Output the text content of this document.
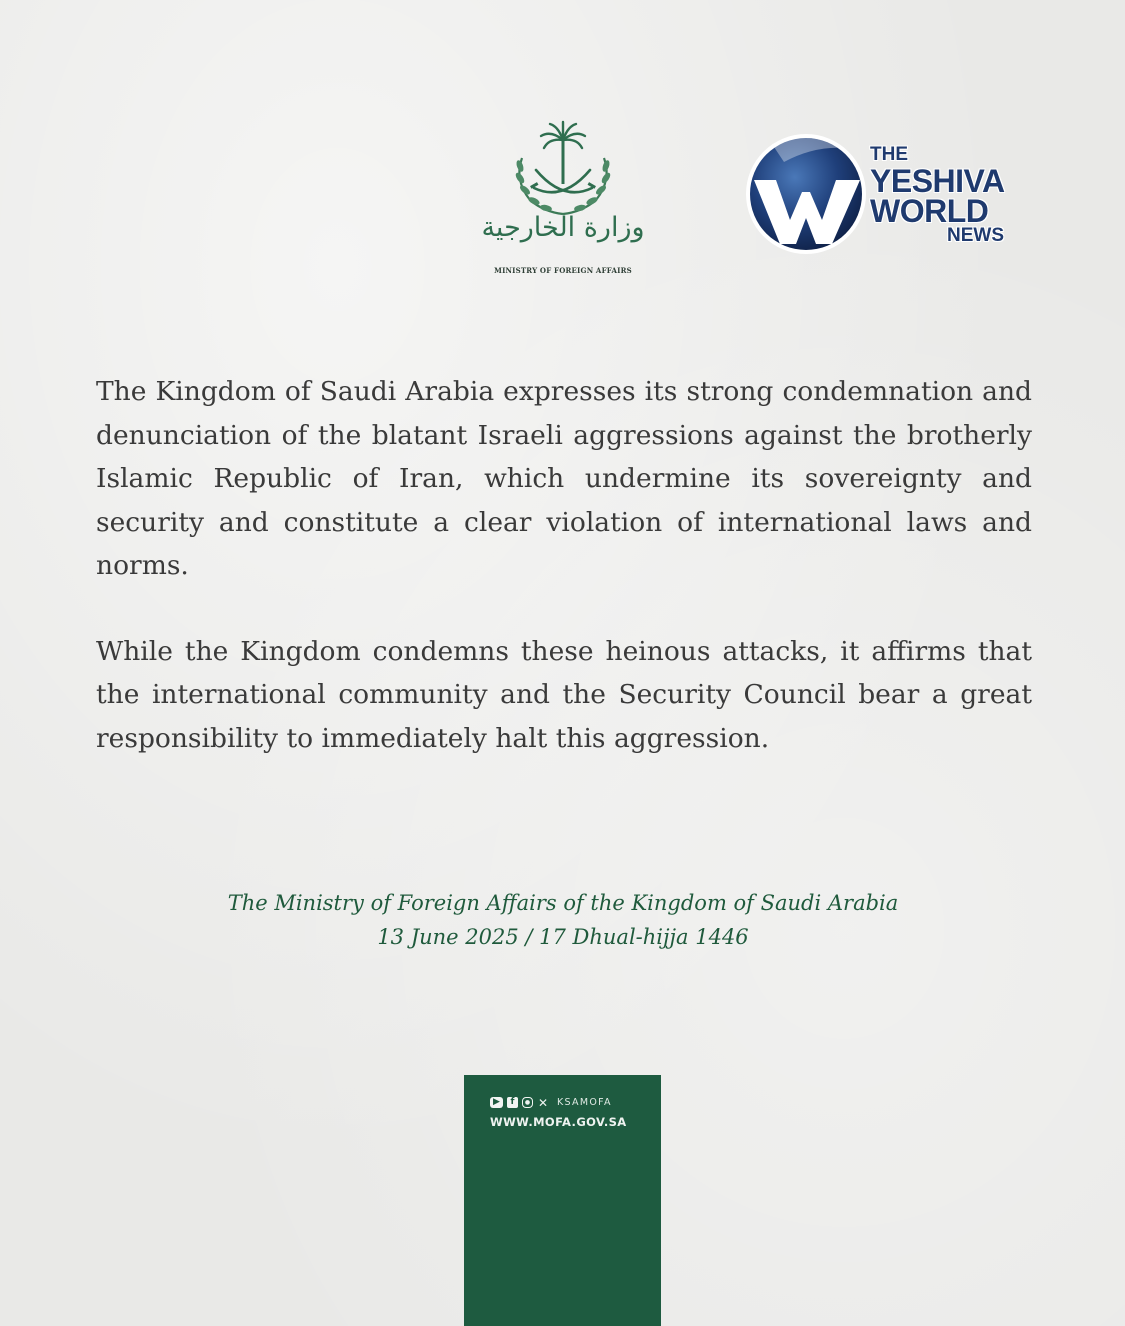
وزارة الخارجية
MINISTRY OF FOREIGN AFFAIRS
THE
YESHIVA
WORLD
NEWS

The Kingdom of Saudi Arabia expresses its strong condemnation and denunciation of the blatant Israeli aggressions against the brotherly Islamic Republic of Iran, which undermine its sovereignty and security and constitute a clear violation of international laws and norms.

While the Kingdom condemns these heinous attacks, it affirms that the international community and the Security Council bear a great responsibility to immediately halt this aggression.

The Ministry of Foreign Affairs of the Kingdom of Saudi Arabia
13 June 2025 / 17 Dhual-hijja 1446
▶	f	● ✕ KSAMOFA
WWW.MOFA.GOV.SA
